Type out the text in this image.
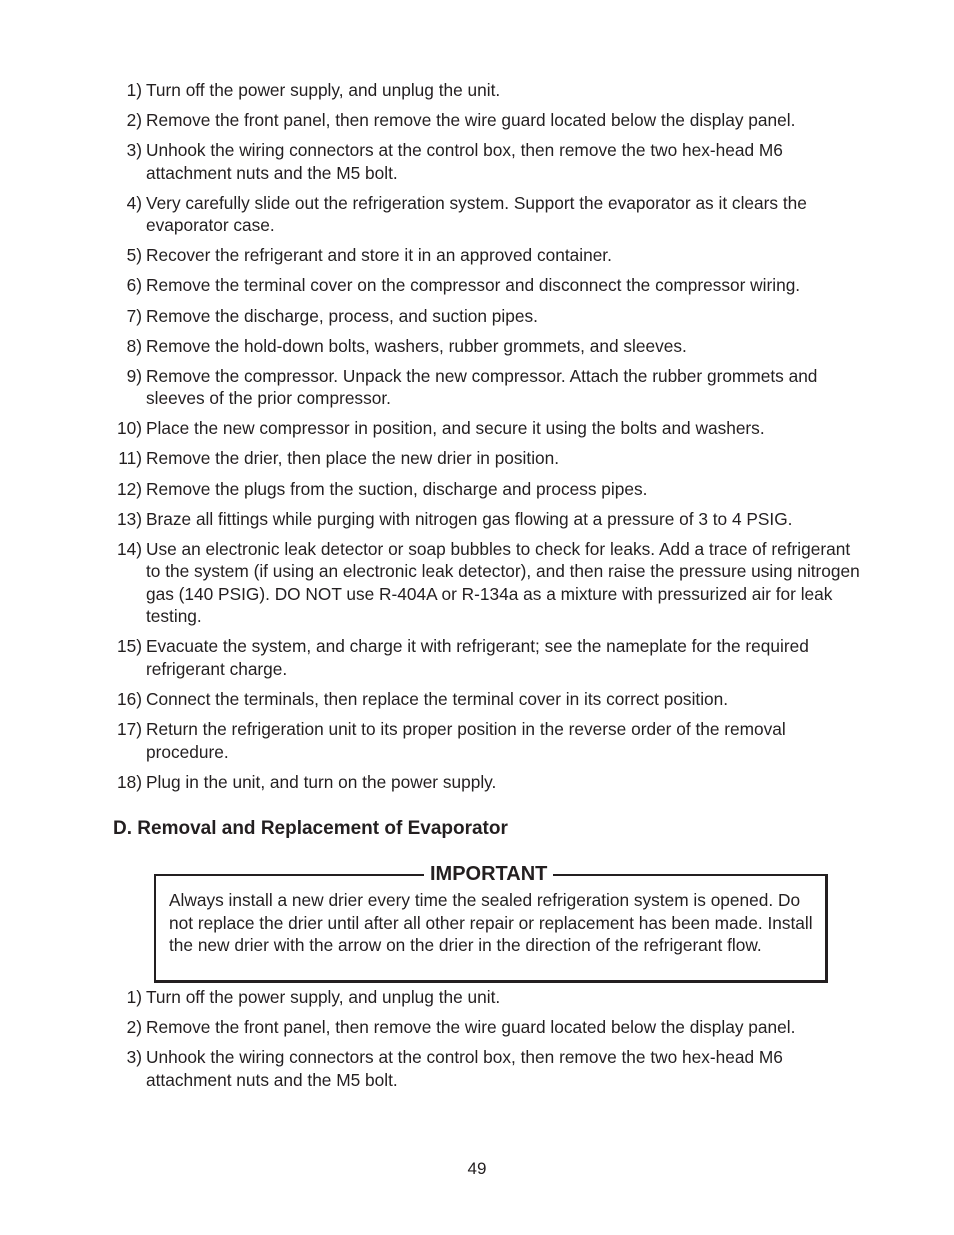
1) Turn off the power supply, and unplug the unit.
2) Remove the front panel, then remove the wire guard located below the display panel.
3) Unhook the wiring connectors at the control box, then remove the two hex-head M6 attachment nuts and the M5 bolt.
4) Very carefully slide out the refrigeration system. Support the evaporator as it clears the evaporator case.
5) Recover the refrigerant and store it in an approved container.
6) Remove the terminal cover on the compressor and disconnect the compressor wiring.
7) Remove the discharge, process, and suction pipes.
8) Remove the hold-down bolts, washers, rubber grommets, and sleeves.
9) Remove the compressor. Unpack the new compressor. Attach the rubber grommets and sleeves of the prior compressor.
10) Place the new compressor in position, and secure it using the bolts and washers.
11) Remove the drier, then place the new drier in position.
12) Remove the plugs from the suction, discharge and process pipes.
13) Braze all fittings while purging with nitrogen gas flowing at a pressure of 3 to 4 PSIG.
14) Use an electronic leak detector or soap bubbles to check for leaks. Add a trace of refrigerant to the system (if using an electronic leak detector), and then raise the pressure using nitrogen gas (140 PSIG). DO NOT use R-404A or R-134a as a mixture with pressurized air for leak testing.
15) Evacuate the system, and charge it with refrigerant; see the nameplate for the required refrigerant charge.
16) Connect the terminals, then replace the terminal cover in its correct position.
17) Return the refrigeration unit to its proper position in the reverse order of the removal procedure.
18) Plug in the unit, and turn on the power supply.
D. Removal and Replacement of Evaporator
IMPORTANT
Always install a new drier every time the sealed refrigeration system is opened. Do not replace the drier until after all other repair or replacement has been made. Install the new drier with the arrow on the drier in the direction of the refrigerant flow.
1) Turn off the power supply, and unplug the unit.
2) Remove the front panel, then remove the wire guard located below the display panel.
3) Unhook the wiring connectors at the control box, then remove the two hex-head M6 attachment nuts and the M5 bolt.
49
